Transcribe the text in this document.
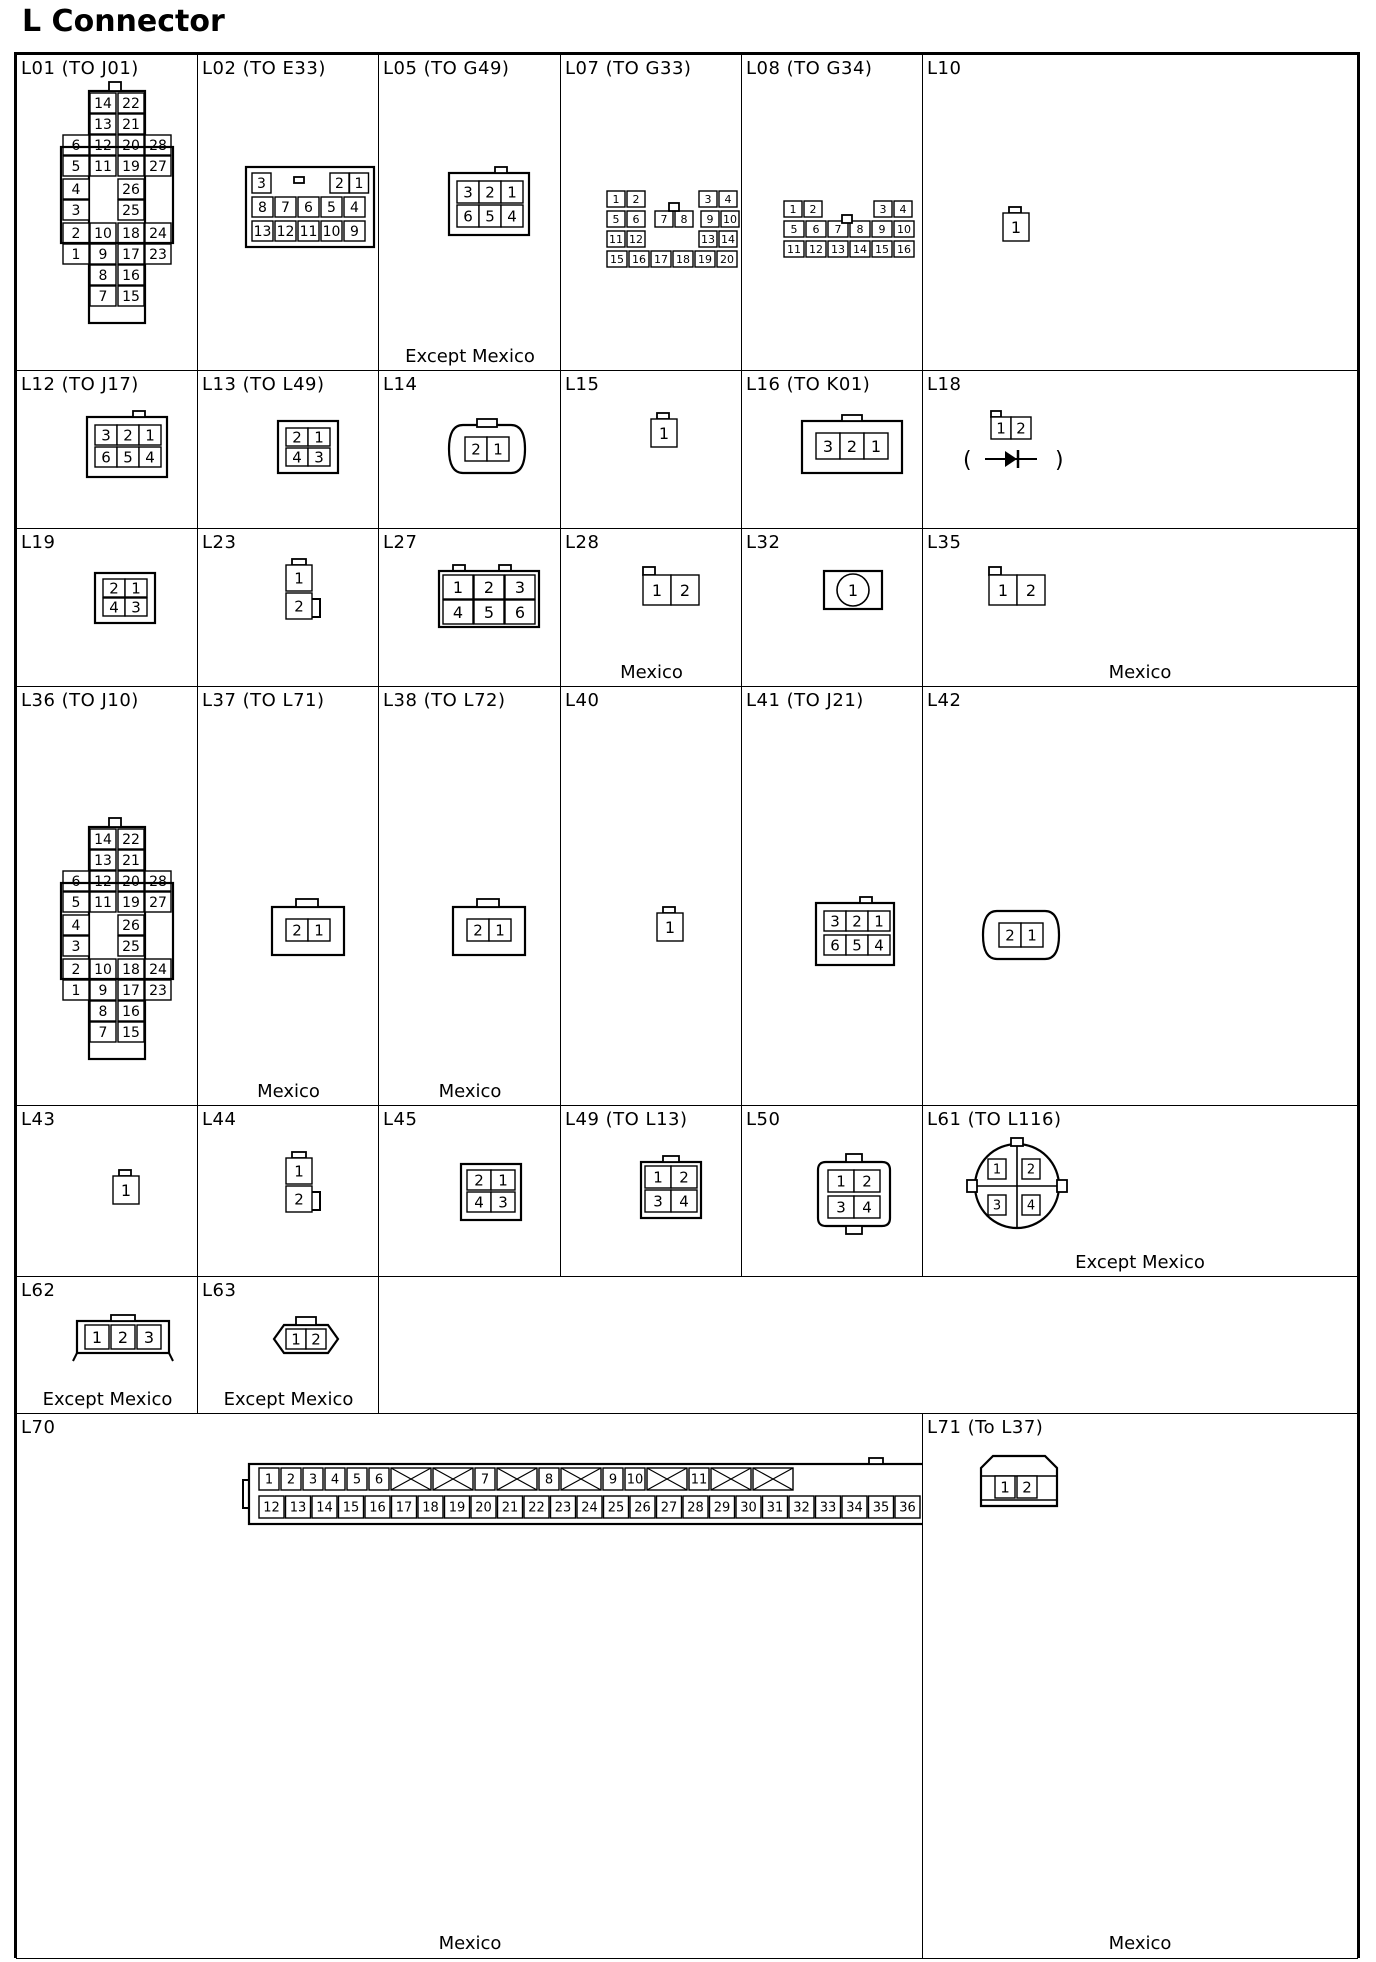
L Connector
L01 (TO J01)
14 22
13 21
6 12 20 28
5 11 19 27
4	26
3	25
2 10 18 24
1 9 17 23
8 16
7 15
L02 (TO E33)
3	2 1
8 7 6 5 4
13 12 11 10 9
L05 (TO G49)
Except Mexico
3 2 1
6 5 4
L07 (TO G33)
1 2	3 4
5 6 7 8 9 10
11 12	13 14
15 16 17 18 19 20
L08 (TO G34)
1 2	3 4
5 6 7 8 9 10
11 12 13 14 15 16
L10
1
L12 (TO J17)
3 2 1
6 5 4
L13 (TO L49)
2 1
4 3
L14
2 1
L15
1
L16 (TO K01)
3 2 1
L18
1 2
(	)
L19
2 1
4 3
L23
1
2
L27
1 2 3
4 5 6
L28
Mexico
1 2
L32
1
L35
Mexico
1 2
L36 (TO J10)
14 22
13 21
6 12 20 28
5 11 19 27
4	26
3	25
2 10 18 24
1 9 17 23
8 16
7 15
L37 (TO L71)
Mexico
2 1
L38 (TO L72)
Mexico
2 1
L40
1
L41 (TO J21)
3 2 1
6 5 4
L42
2 1
L43
1
L44
1
2
L45
2 1
4 3
L49 (TO L13)
1 2
3 4
L50
1 2
3 4
L61 (TO L116)
Except Mexico
1 2
3 4
L62
Except Mexico
1 2 3
L63
Except Mexico
1 2
L70
Mexico
1 2 3 4 5 6	7	8	9 10	11
12 13 14 15 16 17 18 19 20 21 22 23 24 25 26 27 28 29 30 31 32 33 34 35 36
L71 (To L37)
Mexico
1 2
